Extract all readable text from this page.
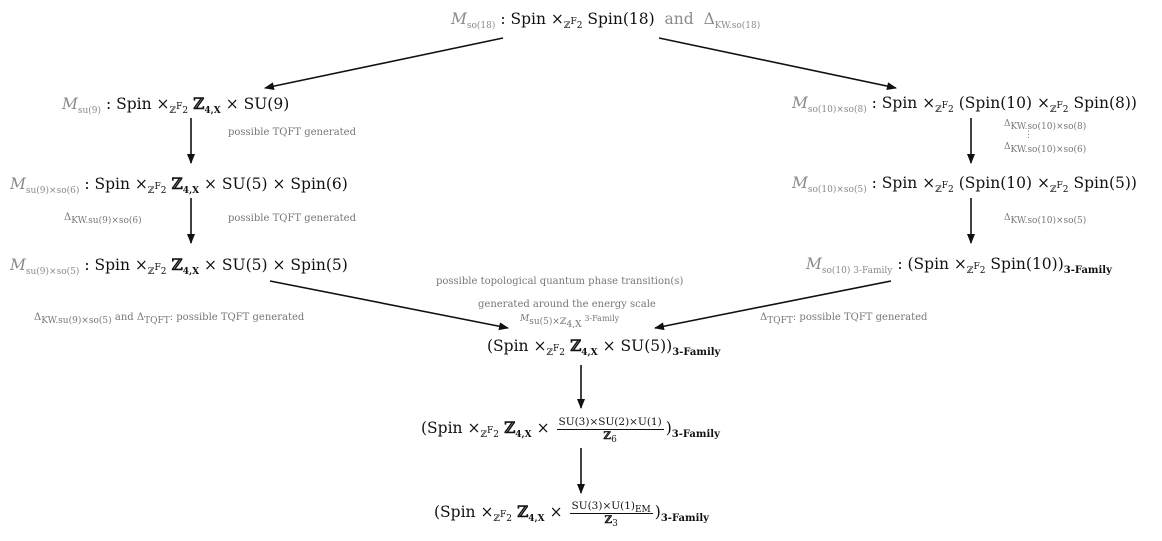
$M_{so(18)}$ : Spin $\times_{ℤ^F2}$ Spin(18) and $\Delta_{KW.so(18)}$
$M_{su(9)}$ : Spin $\times_{ℤ^F2}$ ℤ$_{4,X}$ × SU(9)
possible TQFT generated
$M_{su(9)\times so(6)}$ : Spin $\times_{ℤ^F2}$ ℤ$_{4,X}$ × SU(5) × Spin(6)
$\Delta_{KW.su(9)\times so(6)}$	possible TQFT generated
$M_{su(9)\times so(5)}$ : Spin $\times_{ℤ^F2}$ ℤ$_{4,X}$ × SU(5) × Spin(5)
$\Delta_{KW.su(9)\times so(5)}$ and $\Delta_{TQFT}$: possible TQFT generated
$M_{so(10)\times so(8)}$ : Spin $\times_{ℤ^F2}$ (Spin(10) $\times_{ℤ^F2}$ Spin(8))
$\Delta_{KW.so(10)\times so(8)}$
⋮
$\Delta_{KW.so(10)\times so(6)}$
$M_{so(10)\times so(5)}$ : Spin $\times_{ℤ^F2}$ (Spin(10) $\times_{ℤ^F2}$ Spin(5))
$\Delta_{KW.so(10)\times so(5)}$
$M_{so(10) 3-Family}$ : (Spin $\times_{ℤ^F2}$ $Spin(10))_{3-Family}$
$\Delta_{TQFT}$: possible TQFT generated
possible topological quantum phase transition(s)
generated around the energy scale
$M_{su(5)\times ℤ_{4,X}}$ 3-Family
(Spin $\times_{ℤ^F2}$ ℤ$_{4,X}$ × $SU(5))_{3-Family}$
(Spin $\times_{ℤ^F2}$ ℤ$_{4,X}$ × $\frac{SU(3)\times SU(2)\times U(1)}{ℤ_6} )_{3-Family}$
(Spin $\times_{ℤ^F2}$ ℤ$_{4,X}$ × $\frac{SU(3)\times U(1)_{EM}}{ℤ_3} )_{3-Family}$
